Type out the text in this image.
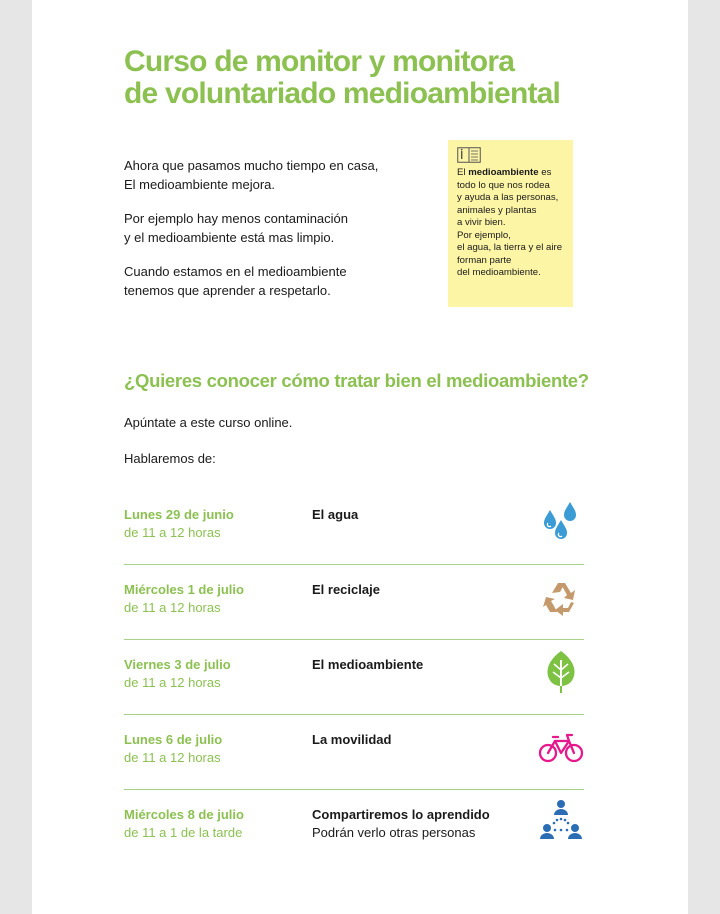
Curso de monitor y monitora
de voluntariado medioambiental

Ahora que pasamos mucho tiempo en casa,
El medioambiente mejora.

Por ejemplo hay menos contaminación
y el medioambiente está mas limpio.

Cuando estamos en el medioambiente
tenemos que aprender a respetarlo.

El medioambiente es
todo lo que nos rodea
y ayuda a las personas,
animales y plantas
a vivir bien.
Por ejemplo,
el agua, la tierra y el aire
forman parte
del medioambiente.
¿Quieres conocer cómo tratar bien el medioambiente?
Apúntate a este curso online.
Hablaremos de:
Lunes 29 de junio
de 11 a 12 horas
El agua
Miércoles 1 de julio
de 11 a 12 horas
El reciclaje
Viernes 3 de julio
de 11 a 12 horas
El medioambiente
Lunes 6 de julio
de 11 a 12 horas
La movilidad
Miércoles 8 de julio
de 11 a 1 de la tarde
Compartiremos lo aprendido
Podrán verlo otras personas
